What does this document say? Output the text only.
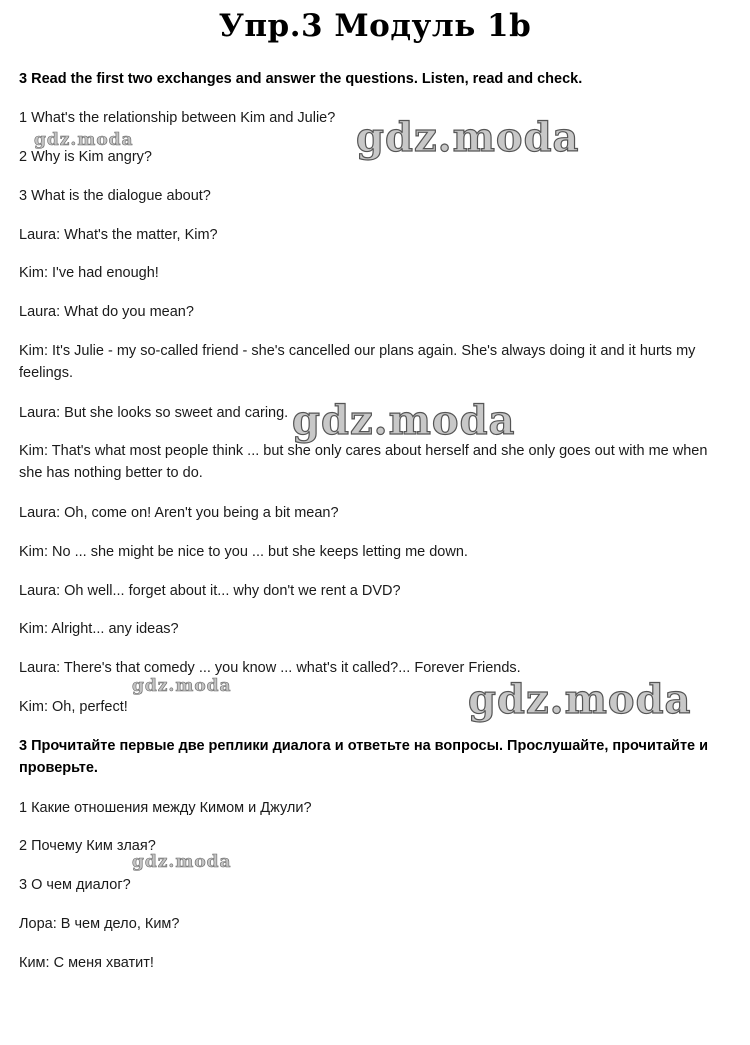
Упр.3 Модуль 1b
3 Read the first two exchanges and answer the questions. Listen, read and check.
1 What's the relationship between Kim and Julie?
2 Why is Kim angry?
3 What is the dialogue about?
Laura: What's the matter, Kim?
Kim: I've had enough!
Laura: What do you mean?
Kim: It's Julie - my so-called friend - she's cancelled our plans again. She's always doing it and it hurts my feelings.
Laura: But she looks so sweet and caring.
Kim: That's what most people think ... but she only cares about herself and she only goes out with me when she has nothing better to do.
Laura: Oh, come on! Aren't you being a bit mean?
Kim: No ... she might be nice to you ... but she keeps letting me down.
Laura: Oh well... forget about it... why don't we rent a DVD?
Kim: Alright... any ideas?
Laura: There's that comedy ... you know ... what's it called?... Forever Friends.
Kim: Oh, perfect!
3 Прочитайте первые две реплики диалога и ответьте на вопросы. Прослушайте, прочитайте и проверьте.
1 Какие отношения между Кимом и Джули?
2 Почему Ким злая?
3 О чем диалог?
Лора: В чем дело, Ким?
Ким: С меня хватит!
gdz.moda	gdz.moda
gdz.moda
gdz.moda	gdz.moda
gdz.moda
